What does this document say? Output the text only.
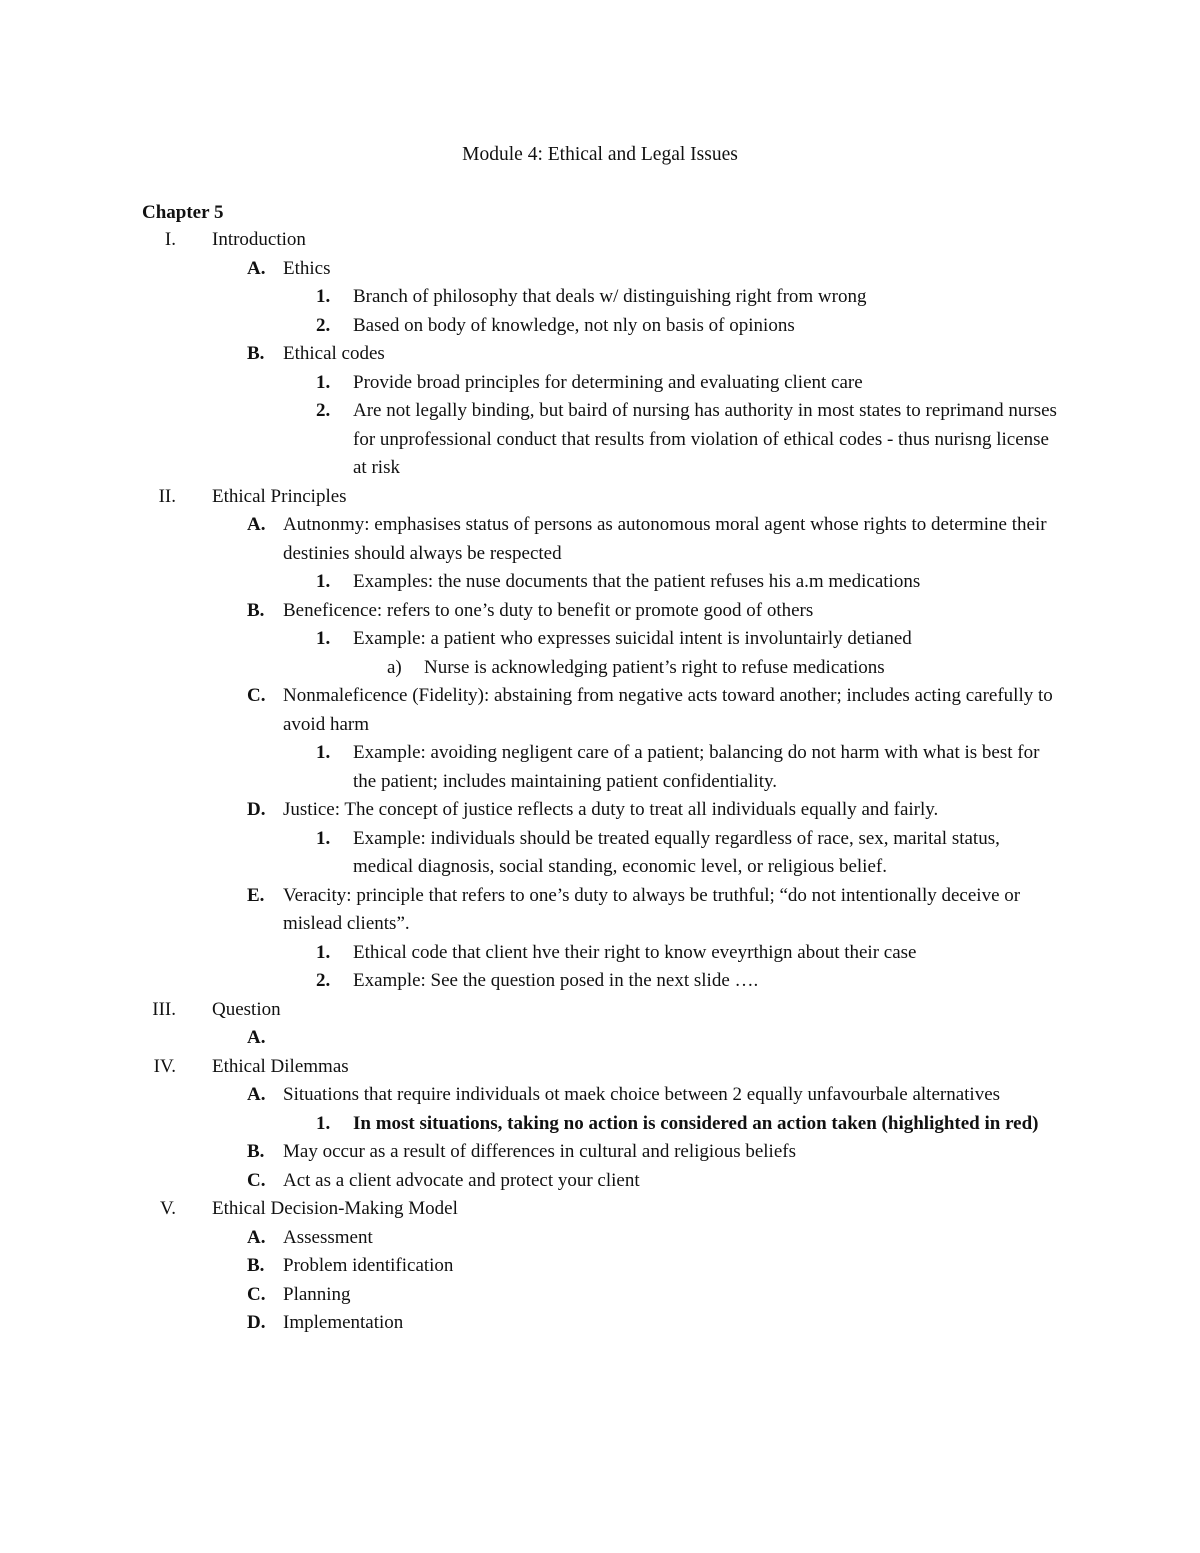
Module 4: Ethical and Legal Issues
Chapter 5
I. Introduction
A. Ethics
1. Branch of philosophy that deals w/ distinguishing right from wrong
2. Based on body of knowledge, not nly on basis of opinions
B. Ethical codes
1. Provide broad principles for determining and evaluating client care
2. Are not legally binding, but baird of nursing has authority in most states to reprimand nurses for unprofessional conduct that results from violation of ethical codes - thus nurisng license at risk
II. Ethical Principles
A. Autnonmy: emphasises status of persons as autonomous moral agent whose rights to determine their destinies should always be respected
1. Examples: the nuse documents that the patient refuses his a.m medications
B. Beneficence: refers to one’s duty to benefit or promote good of others
1. Example: a patient who expresses suicidal intent is involuntairly detianed
a) Nurse is acknowledging patient’s right to refuse medications
C. Nonmaleficence (Fidelity): abstaining from negative acts toward another; includes acting carefully to avoid harm
1. Example: avoiding negligent care of a patient; balancing do not harm with what is best for the patient; includes maintaining patient confidentiality.
D. Justice: The concept of justice reflects a duty to treat all individuals equally and fairly.
1. Example: individuals should be treated equally regardless of race, sex, marital status, medical diagnosis, social standing, economic level, or religious belief.
E. Veracity: principle that refers to one’s duty to always be truthful; “do not intentionally deceive or mislead clients”.
1. Ethical code that client hve their right to know eveyrthign about their case
2. Example: See the question posed in the next slide ….
III. Question
A.

IV. Ethical Dilemmas
A. Situations that require individuals ot maek choice between 2 equally unfavourbale alternatives
1. In most situations, taking no action is considered an action taken (highlighted in red)
B. May occur as a result of differences in cultural and religious beliefs
C. Act as a client advocate and protect your client
V. Ethical Decision-Making Model
A. Assessment
B. Problem identification
C. Planning
D. Implementation
